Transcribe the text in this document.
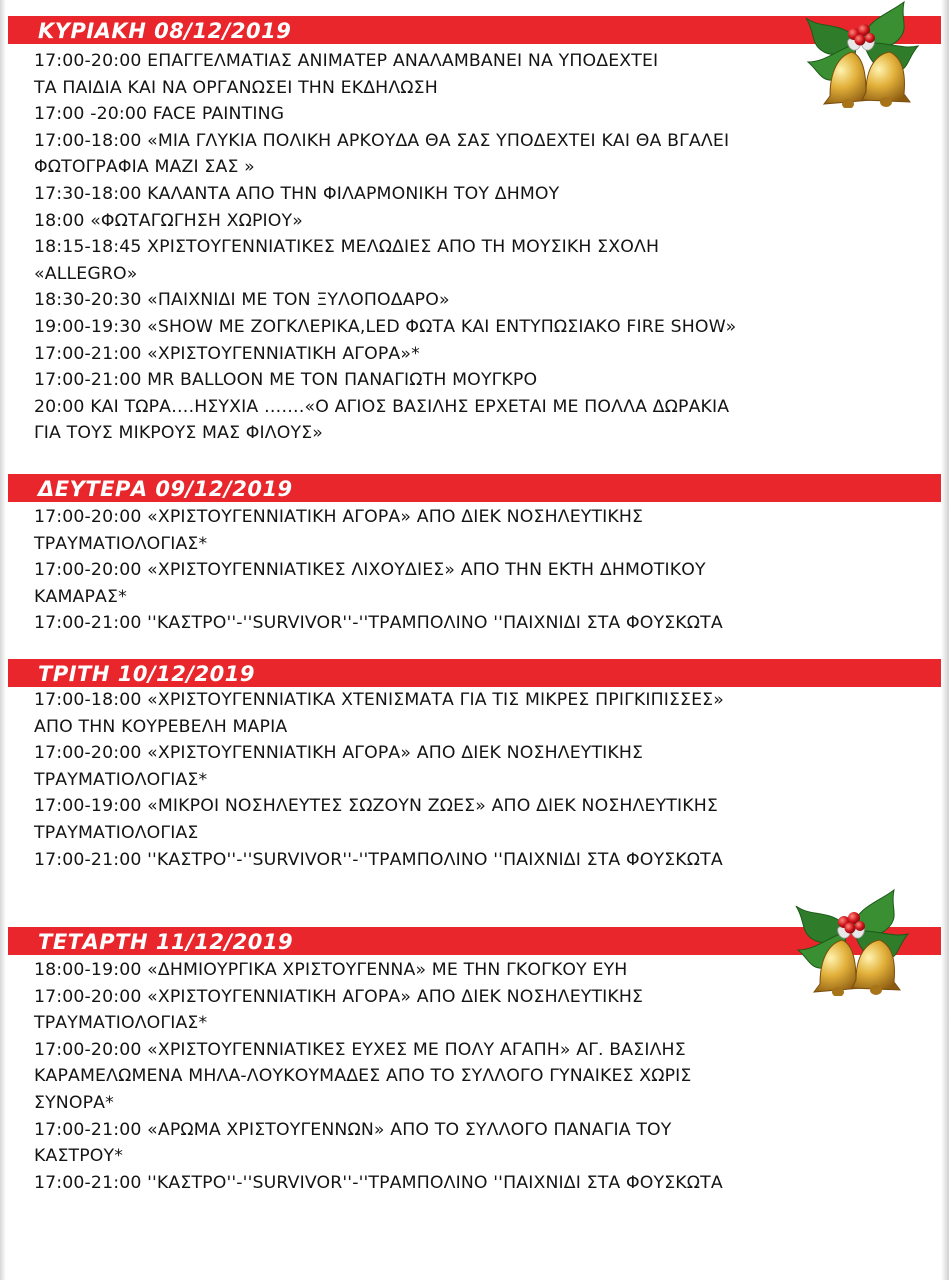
ΚΥΡΙΑΚΗ 08/12/2019
17:00-20:00 ΕΠΑΓΓΕΛΜΑΤΙΑΣ ΑΝΙΜΑΤΕΡ ΑΝΑΛΑΜΒΑΝΕΙ ΝΑ ΥΠΟΔΕΧΤΕΙ
ΤΑ ΠΑΙΔΙΑ ΚΑΙ ΝΑ ΟΡΓΑΝΩΣΕΙ ΤΗΝ ΕΚΔΗΛΩΣΗ
17:00 -20:00 FACE PAINTING
17:00-18:00 «ΜΙΑ ΓΛΥΚΙΑ ΠΟΛΙΚΗ ΑΡΚΟΥΔΑ ΘΑ ΣΑΣ ΥΠΟΔΕΧΤΕΙ ΚΑΙ ΘΑ ΒΓΑΛΕΙ
ΦΩΤΟΓΡΑΦΙΑ ΜΑΖΙ ΣΑΣ »
17:30-18:00 ΚΑΛΑΝΤΑ ΑΠΟ ΤΗΝ ΦΙΛΑΡΜΟΝΙΚΗ ΤΟΥ ΔΗΜΟΥ
18:00 «ΦΩΤΑΓΩΓΗΣΗ ΧΩΡΙΟΥ»
18:15-18:45 ΧΡΙΣΤΟΥΓΕΝΝΙΑΤΙΚΕΣ ΜΕΛΩΔΙΕΣ ΑΠΟ ΤΗ ΜΟΥΣΙΚΗ ΣΧΟΛΗ
«ALLEGRO»
18:30-20:30 «ΠΑΙΧΝΙΔΙ ΜΕ ΤΟΝ ΞΥΛΟΠΟΔΑΡΟ»
19:00-19:30 «SHOW ΜΕ ΖΟΓΚΛΕΡΙΚΑ,LED ΦΩΤΑ ΚΑΙ ΕΝΤΥΠΩΣΙΑΚΟ FIRE SHOW»
17:00-21:00 «ΧΡΙΣΤΟΥΓΕΝΝΙΑΤΙΚΗ ΑΓΟΡΑ»*
17:00-21:00 MR BALLOON ΜΕ ΤΟΝ ΠΑΝΑΓΙΩΤΗ ΜΟΥΓΚΡΟ
20:00 ΚΑΙ ΤΩΡΑ….ΗΣΥΧΙΑ …….«Ο ΑΓΙΟΣ ΒΑΣΙΛΗΣ ΕΡΧΕΤΑΙ ΜΕ ΠΟΛΛΑ ΔΩΡΑΚΙΑ
ΓΙΑ ΤΟΥΣ ΜΙΚΡΟΥΣ ΜΑΣ ΦΙΛΟΥΣ»
ΔΕΥΤΕΡΑ 09/12/2019
17:00-20:00 «ΧΡΙΣΤΟΥΓΕΝΝΙΑΤΙΚΗ ΑΓΟΡΑ» ΑΠΟ ΔΙΕΚ ΝΟΣΗΛΕΥΤΙΚΗΣ
ΤΡΑΥΜΑΤΙΟΛΟΓΙΑΣ*
17:00-20:00 «ΧΡΙΣΤΟΥΓΕΝΝΙΑΤΙΚΕΣ ΛΙΧΟΥΔΙΕΣ» ΑΠΟ ΤΗΝ ΕΚΤΗ ΔΗΜΟΤΙΚΟΥ
ΚΑΜΑΡΑΣ*
17:00-21:00 ''ΚΑΣΤΡΟ''-''SURVIVOR''-''ΤΡΑΜΠΟΛΙΝΟ ''ΠΑΙΧΝΙΔΙ ΣΤΑ ΦΟΥΣΚΩΤΑ
ΤΡΙΤΗ 10/12/2019
17:00-18:00 «ΧΡΙΣΤΟΥΓΕΝΝΙΑΤΙΚΑ ΧΤΕΝΙΣΜΑΤΑ ΓΙΑ ΤΙΣ ΜΙΚΡΕΣ ΠΡΙΓΚΙΠΙΣΣΕΣ»
ΑΠΟ ΤΗΝ ΚΟΥΡΕΒΕΛΗ ΜΑΡΙΑ
17:00-20:00 «ΧΡΙΣΤΟΥΓΕΝΝΙΑΤΙΚΗ ΑΓΟΡΑ» ΑΠΟ ΔΙΕΚ ΝΟΣΗΛΕΥΤΙΚΗΣ
ΤΡΑΥΜΑΤΙΟΛΟΓΙΑΣ*
17:00-19:00 «ΜΙΚΡΟΙ ΝΟΣΗΛΕΥΤΕΣ ΣΩΖΟΥΝ ΖΩΕΣ» ΑΠΟ ΔΙΕΚ ΝΟΣΗΛΕΥΤΙΚΗΣ
ΤΡΑΥΜΑΤΙΟΛΟΓΙΑΣ
17:00-21:00 ''ΚΑΣΤΡΟ''-''SURVIVOR''-''ΤΡΑΜΠΟΛΙΝΟ ''ΠΑΙΧΝΙΔΙ ΣΤΑ ΦΟΥΣΚΩΤΑ
ΤΕΤΑΡΤΗ 11/12/2019
18:00-19:00 «ΔΗΜΙΟΥΡΓΙΚΑ ΧΡΙΣΤΟΥΓΕΝΝΑ» ΜΕ ΤΗΝ ΓΚΟΓΚΟΥ ΕΥΗ
17:00-20:00 «ΧΡΙΣΤΟΥΓΕΝΝΙΑΤΙΚΗ ΑΓΟΡΑ» ΑΠΟ ΔΙΕΚ ΝΟΣΗΛΕΥΤΙΚΗΣ
ΤΡΑΥΜΑΤΙΟΛΟΓΙΑΣ*
17:00-20:00 «ΧΡΙΣΤΟΥΓΕΝΝΙΑΤΙΚΕΣ ΕΥΧΕΣ ΜΕ ΠΟΛΥ ΑΓΑΠΗ» ΑΓ. ΒΑΣΙΛΗΣ
ΚΑΡΑΜΕΛΩΜΕΝΑ ΜΗΛΑ-ΛΟΥΚΟΥΜΑΔΕΣ ΑΠΟ ΤΟ ΣΥΛΛΟΓΟ ΓΥΝΑΙΚΕΣ ΧΩΡΙΣ
ΣΥΝΟΡΑ*
17:00-21:00 «ΑΡΩΜΑ ΧΡΙΣΤΟΥΓΕΝΝΩΝ» ΑΠΟ ΤΟ ΣΥΛΛΟΓΟ ΠΑΝΑΓΙΑ ΤΟΥ
ΚΑΣΤΡΟΥ*
17:00-21:00 ''ΚΑΣΤΡΟ''-''SURVIVOR''-''ΤΡΑΜΠΟΛΙΝΟ ''ΠΑΙΧΝΙΔΙ ΣΤΑ ΦΟΥΣΚΩΤΑ
